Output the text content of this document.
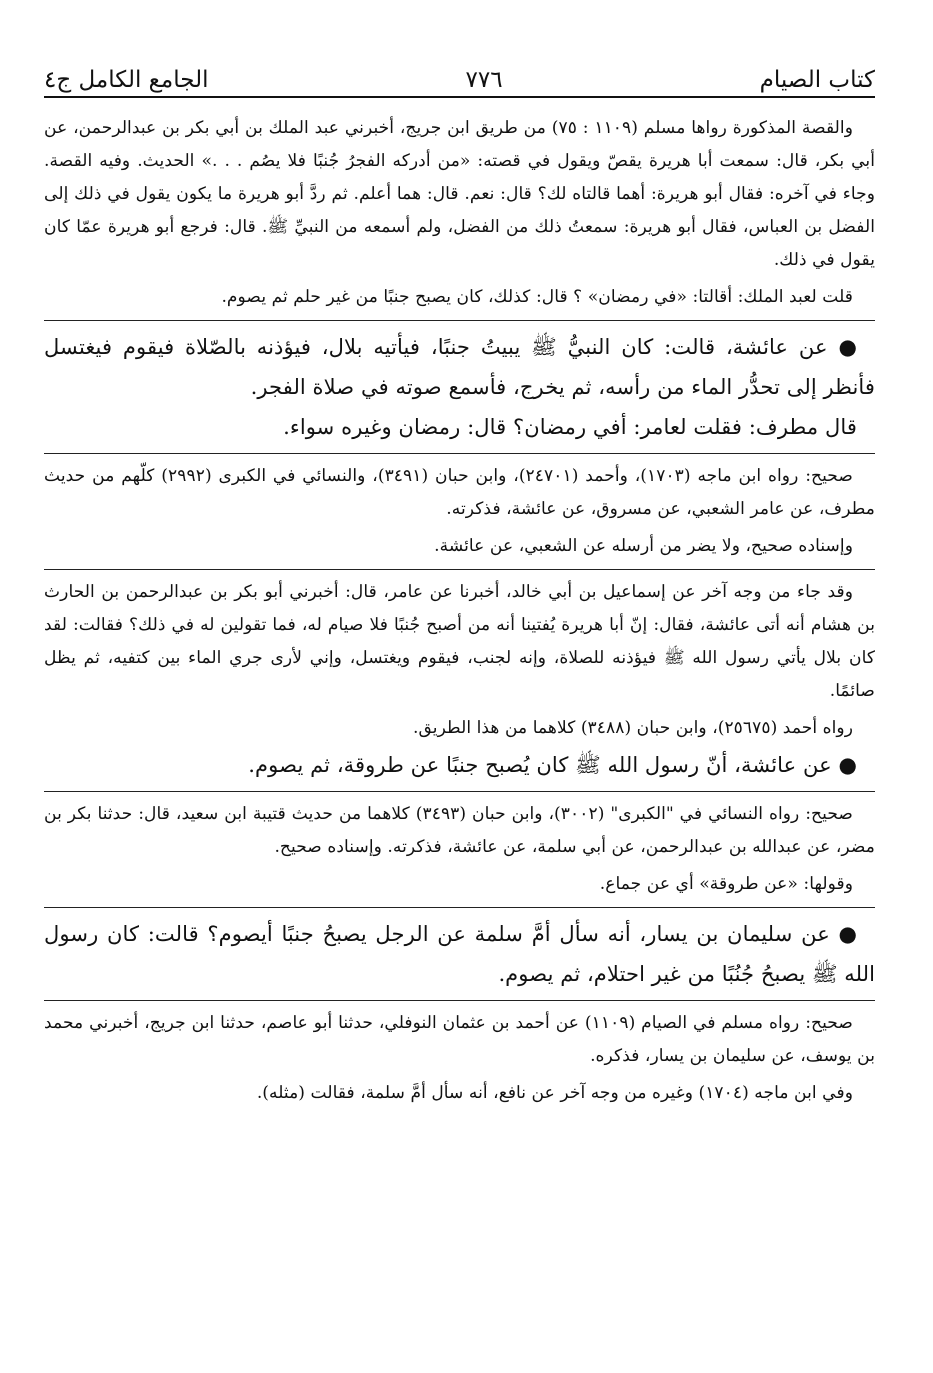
كتاب الصيام
٧٧٦
الجامع الكامل ج٤

والقصة المذكورة رواها مسلم (١١٠٩ : ٧٥) من طريق ابن جريج، أخبرني عبد الملك بن أبي بكر بن عبدالرحمن، عن أبي بكر، قال: سمعت أبا هريرة يقصّ ويقول في قصته: «من أدركه الفجرُ جُنبًا فلا يصُم . . .» الحديث. وفيه القصة. وجاء في آخره: فقال أبو هريرة: أهما قالتاه لك؟ قال: نعم. قال: هما أعلم. ثم ردَّ أبو هريرة ما يكون يقول في ذلك إلى الفضل بن العباس، فقال أبو هريرة: سمعتُ ذلك من الفضل، ولم أسمعه من النبيِّ ﷺ. قال: فرجع أبو هريرة عمّا كان يقول في ذلك.

قلت لعبد الملك: أقالتا: «في رمضان» ؟ قال: كذلك، كان يصبح جنبًا من غير حلم ثم يصوم.

● عن عائشة، قالت: كان النبيُّ ﷺ يبيتُ جنبًا، فيأتيه بلال، فيؤذنه بالصّلاة فيقوم فيغتسل فأنظر إلى تحدُّر الماء من رأسه، ثم يخرج، فأسمع صوته في صلاة الفجر.

قال مطرف: فقلت لعامر: أفي رمضان؟ قال: رمضان وغيره سواء.

صحيح: رواه ابن ماجه (١٧٠٣)، وأحمد (٢٤٧٠١)، وابن حبان (٣٤٩١)، والنسائي في الكبرى (٢٩٩٢) كلّهم من حديث مطرف، عن عامر الشعبي، عن مسروق، عن عائشة، فذكرته.

وإسناده صحيح، ولا يضر من أرسله عن الشعبي، عن عائشة.

وقد جاء من وجه آخر عن إسماعيل بن أبي خالد، أخبرنا عن عامر، قال: أخبرني أبو بكر بن عبدالرحمن بن الحارث بن هشام أنه أتى عائشة، فقال: إنّ أبا هريرة يُفتينا أنه من أصبح جُنبًا فلا صيام له، فما تقولين له في ذلك؟ فقالت: لقد كان بلال يأتي رسول الله ﷺ فيؤذنه للصلاة، وإنه لجنب، فيقوم ويغتسل، وإني لأرى جري الماء بين كتفيه، ثم يظل صائمًا.

رواه أحمد (٢٥٦٧٥)، وابن حبان (٣٤٨٨) كلاهما من هذا الطريق.

● عن عائشة، أنّ رسول الله ﷺ كان يُصبح جنبًا عن طروقة، ثم يصوم.

صحيح: رواه النسائي في "الكبرى" (٣٠٠٢)، وابن حبان (٣٤٩٣) كلاهما من حديث قتيبة ابن سعيد، قال: حدثنا بكر بن مضر، عن عبدالله بن عبدالرحمن، عن أبي سلمة، عن عائشة، فذكرته. وإسناده صحيح.

وقولها: «عن طروقة» أي عن جماع.

● عن سليمان بن يسار، أنه سأل أمَّ سلمة عن الرجل يصبحُ جنبًا أيصوم؟ قالت: كان رسول الله ﷺ يصبحُ جُنُبًا من غير احتلام، ثم يصوم.

صحيح: رواه مسلم في الصيام (١١٠٩) عن أحمد بن عثمان النوفلي، حدثنا أبو عاصم، حدثنا ابن جريج، أخبرني محمد بن يوسف، عن سليمان بن يسار، فذكره.

وفي ابن ماجه (١٧٠٤) وغيره من وجه آخر عن نافع، أنه سأل أمَّ سلمة، فقالت (مثله).
